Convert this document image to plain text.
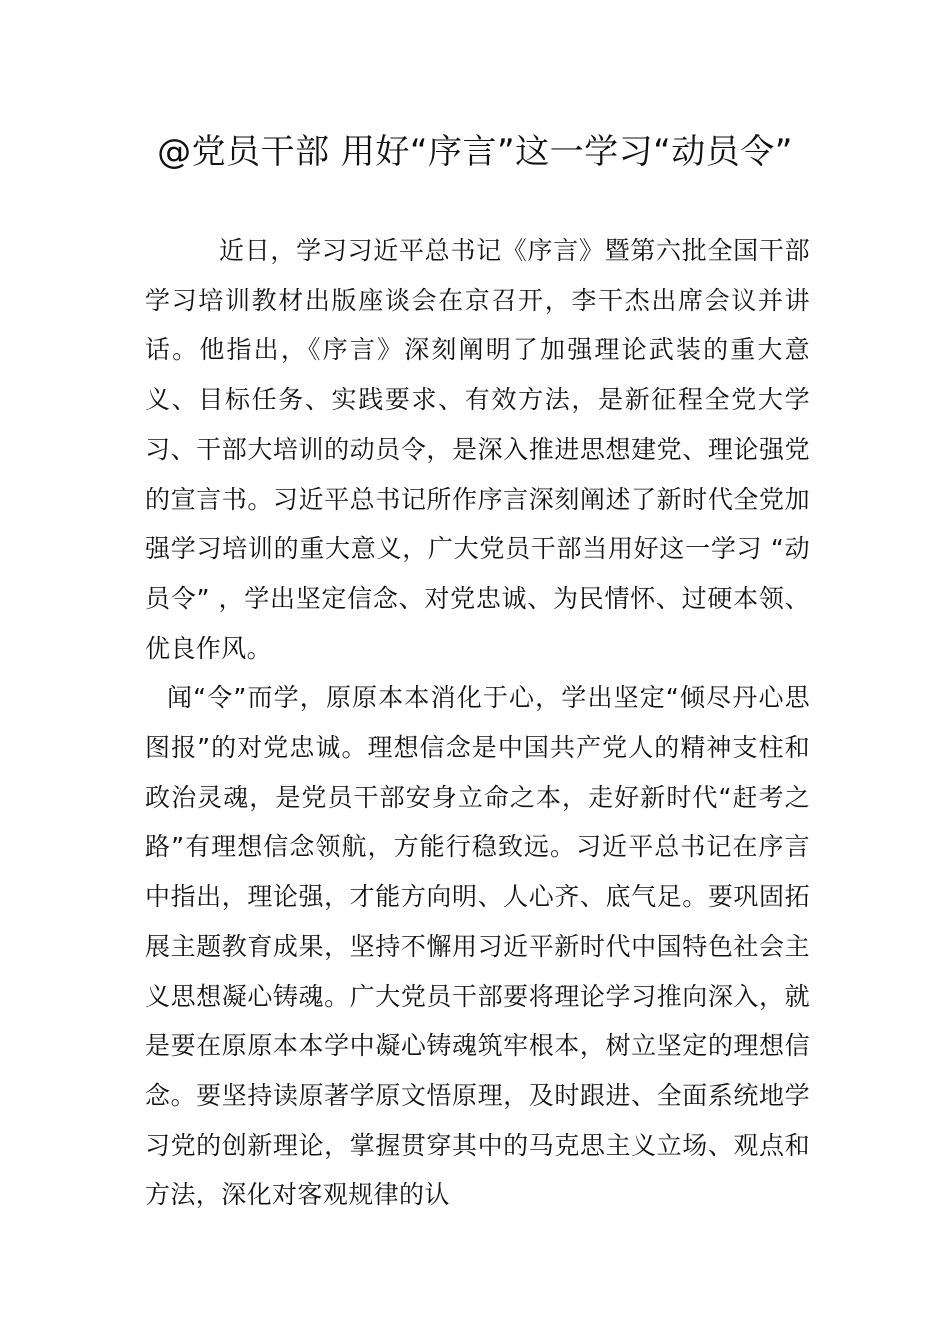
@党员干部 用好“序言”这一学习“动员令”

近日，学习习近平总书记《序言》暨第六批全国干部学习培训教材出版座谈会在京召开，李干杰出席会议并讲话。他指出，《序言》深刻阐明了加强理论武装的重大意义、目标任务、实践要求、有效方法，是新征程全党大学习、干部大培训的动员令，是深入推进思想建党、理论强党的宣言书。习近平总书记所作序言深刻阐述了新时代全党加强学习培训的重大意义，广大党员干部当用好这一学习 “动员令” ，学出坚定信念、对党忠诚、为民情怀、过硬本领、优良作风。

闻“令”而学，原原本本消化于心，学出坚定“倾尽丹心思图报”的对党忠诚。理想信念是中国共产党人的精神支柱和政治灵魂，是党员干部安身立命之本，走好新时代“赶考之路”有理想信念领航，方能行稳致远。习近平总书记在序言中指出，理论强，才能方向明、人心齐、底气足。要巩固拓展主题教育成果，坚持不懈用习近平新时代中国特色社会主义思想凝心铸魂。广大党员干部要将理论学习推向深入，就是要在原原本本学中凝心铸魂筑牢根本，树立坚定的理想信念。要坚持读原著学原文悟原理，及时跟进、全面系统地学习党的创新理论，掌握贯穿其中的马克思主义立场、观点和方法，深化对客观规律的认
